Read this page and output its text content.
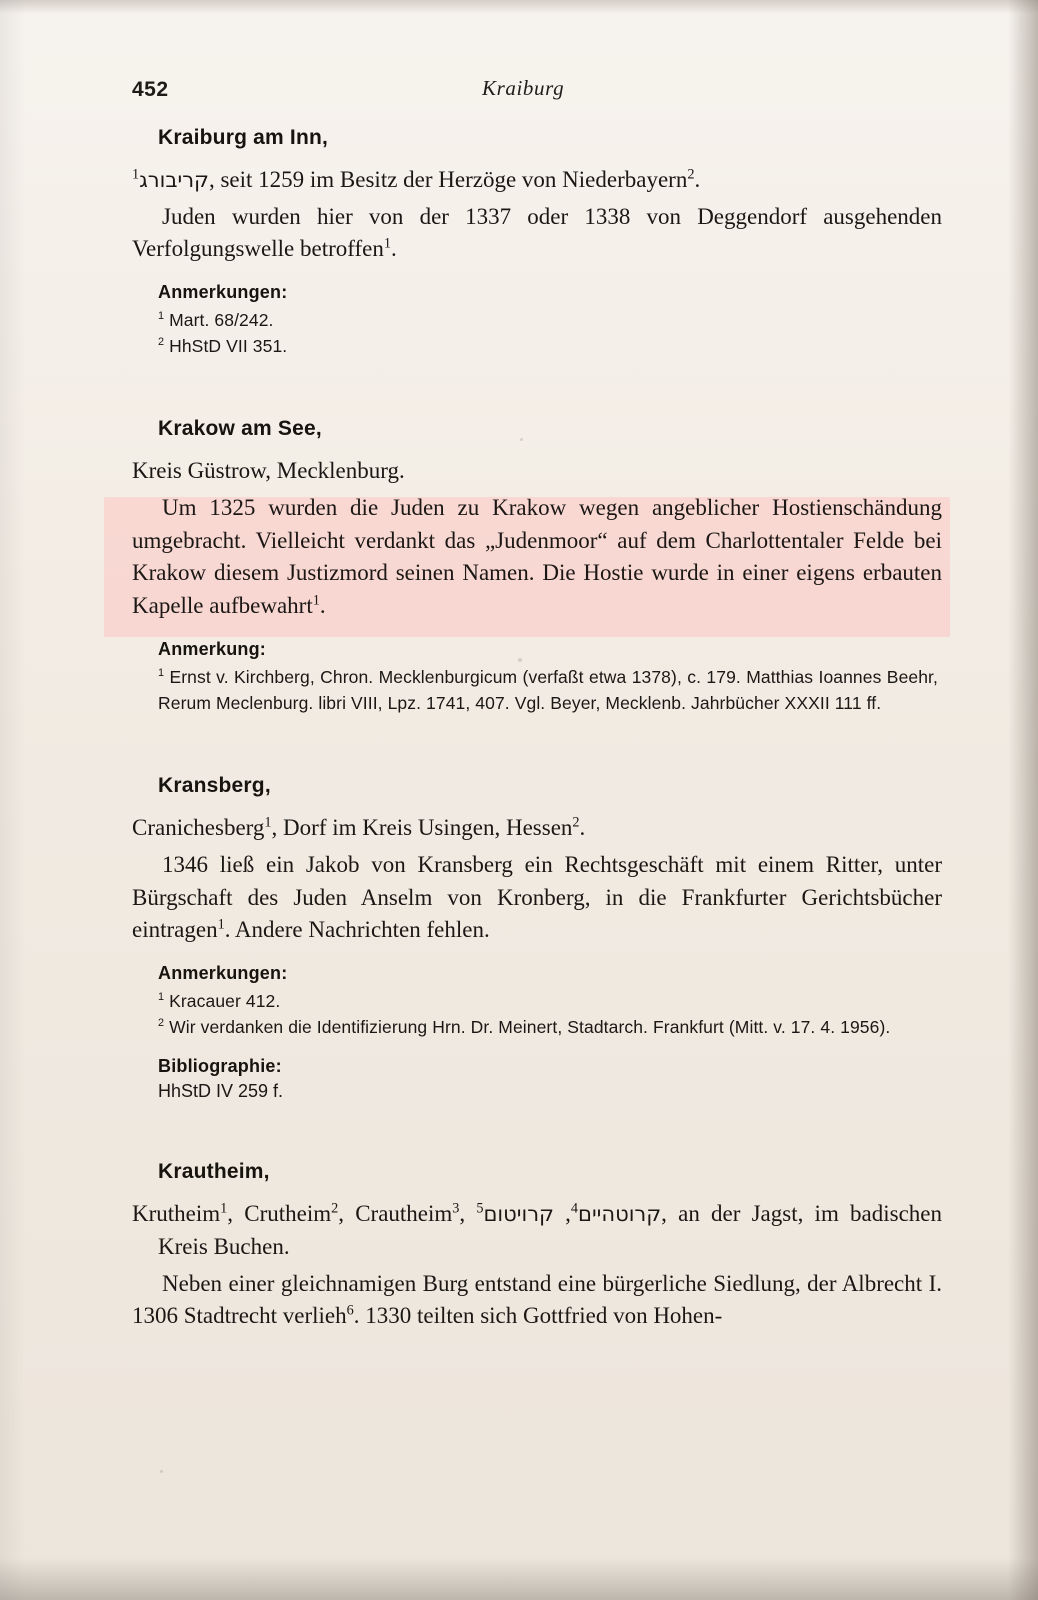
452	Kraiburg
Kraiburg am Inn,

קריבורג$^1$	, seit 1259 im Besitz der Herzöge von Niederbayern$^2$.

Juden wurden hier von der 1337 oder 1338 von Deggendorf ausgehenden Verfolgungswelle betroffen$^1$.

Anmerkungen:
$^1$ Mart. 68/242.
$^2$ HhStD VII 351.
Krakow am See,

Kreis Güstrow, Mecklenburg.

Um 1325 wurden die Juden zu Krakow wegen angeblicher Hostienschändung umgebracht. Vielleicht verdankt das „Judenmoor“ auf dem Charlottentaler Felde bei Krakow diesem Justizmord seinen Namen. Die Hostie wurde in einer eigens erbauten Kapelle aufbewahrt$^1$.

Anmerkung:
$^1$ Ernst v. Kirchberg, Chron. Mecklenburgicum (verfaßt etwa 1378), c. 179. Matthias Ioannes Beehr, Rerum Meclenburg. libri VIII, Lpz. 1741, 407. Vgl. Beyer, Mecklenb. Jahrbücher XXXII 111 ff.
Kransberg,

Cranichesberg$^1$, Dorf im Kreis Usingen, Hessen$^2$.

1346 ließ ein Jakob von Kransberg ein Rechtsgeschäft mit einem Ritter, unter Bürgschaft des Juden Anselm von Kronberg, in die Frankfurter Gerichtsbücher eintragen$^1$. Andere Nachrichten fehlen.

Anmerkungen:
$^1$ Kracauer 412.
$^2$ Wir verdanken die Identifizierung Hrn. Dr. Meinert, Stadtarch. Frankfurt (Mitt. v. 17. 4. 1956).
Bibliographie:
HhStD IV 259 f.
Krautheim,

Krutheim$^1$, Crutheim$^2$, Crautheim$^3$,	קרוטהיים$^4$, קרויטום$^5$	, an der Jagst, im badischen Kreis Buchen.

Neben einer gleichnamigen Burg entstand eine bürgerliche Siedlung, der Albrecht I. 1306 Stadtrecht verlieh$^6$. 1330 teilten sich Gottfried von Hohen-
